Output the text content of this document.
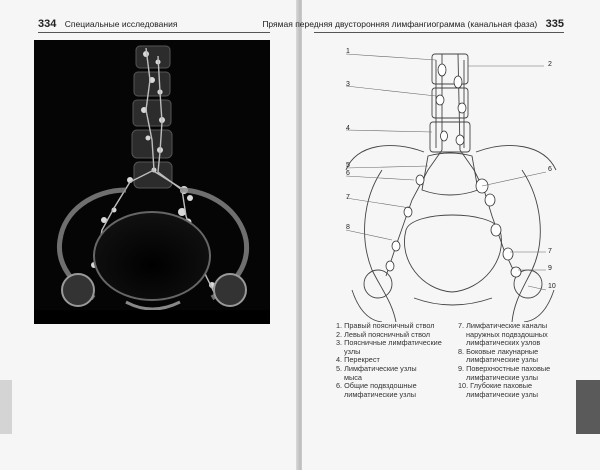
334 Специальные исследования	Прямая передняя двусторонняя лимфангиограмма (канальная фаза) 335
1
2
3
4
5
6
6
7
7
8
9
10
1. Правый поясничный ствол
2. Левый поясничный ствол
3. Поясничные лимфатические
узлы
4. Перекрест
5. Лимфатические узлы
мыса
6. Общие подвздошные
лимфатические узлы
7. Лимфатические каналы
наружных подвздошных
лимфатических узлов
8. Боковые лакунарные
лимфатические узлы
9. Поверхностные паховые
лимфатические узлы
10. Глубокие паховые
лимфатические узлы
